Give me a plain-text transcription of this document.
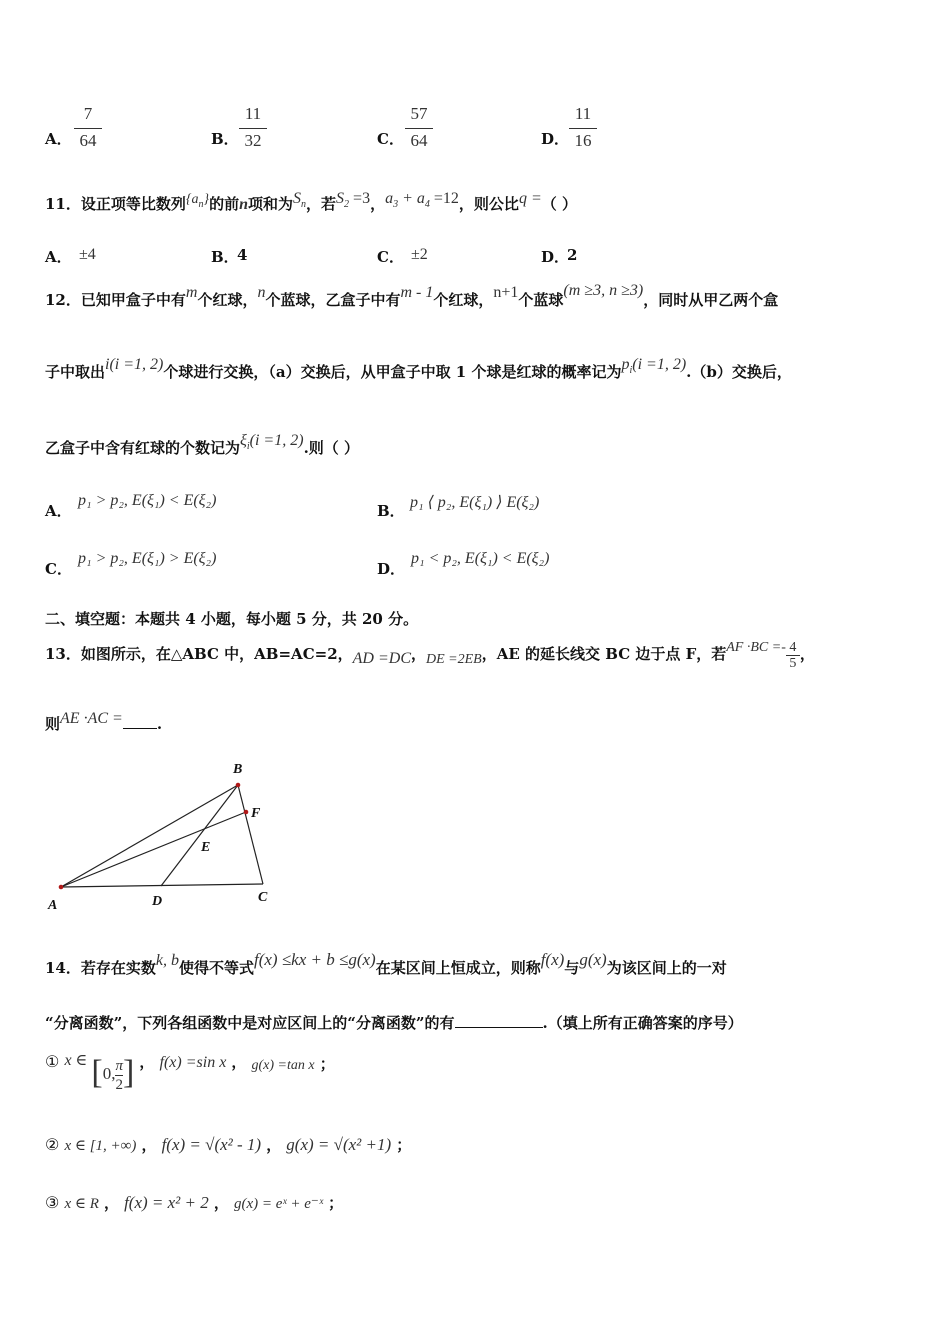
A．
7
64	B．
11
32	C．
57
64	D．
11
16
11．设正项等比数列$\{a_n\}$的前n项和为$S_n$，若$S_2 =3$，$a_3 + a_4 =12$，则公比q =（ ）
A． ±4	B．
4	C． ±2	D．
2
12．已知甲盒子中有m个红球，n个蓝球，乙盒子中有m - 1个红球，n+1个蓝球(m ≥3, n ≥3)，同时从甲乙两个盒
子中取出i(i =1, 2)个球进行交换，（a）交换后，从甲盒子中取 1 个球是红球的概率记为$p_i(i =1$, 2).（b）交换后，
乙盒子中含有红球的个数记为$\xi_i(i =1$, 2).则（ ）
A．
p₁ > p₂, E(ξ₁) < E(ξ₂)
B． p₁ ⟨ p₂, E(ξ₁) ⟩ E(ξ₂)
C．
p₁ > p₂, E(ξ₁) > E(ξ₂)
D．
p₁ < p₂, E(ξ₁) < E(ξ₂)
二、填空题：本题共 4 小题，每小题 5 分，共 20 分。
13．如图所示，在△ABC 中，AB=AC=2，AD =DC，DE =2EB，AE 的延长线交 BC 边于点 F，若AF $\cdot BC =- \frac{4}{5}$ ，
则AE ·AC = .
A
B
C
D
E
F
14．若存在实数k, b使得不等式f(x) ≤kx + b ≤g(x)在某区间上恒成立，则称f(x)与g(x)为该区间上的一对
“分离函数”，下列各组函数中是对应区间上的“分离函数”的有	.（填上所有正确答案的序号）
① x ∈ [0, $\frac{\pi}{2}$ ] ， f(x) =sin x ， g(x) =tan x ；
② x ∈ [1, +∞) ， f(x) = √(x² - 1) ， g(x) = √(x² +1) ；
③ x ∈ R ， f(x) = x² + 2 ， g(x) = eˣ + e⁻ˣ ；
